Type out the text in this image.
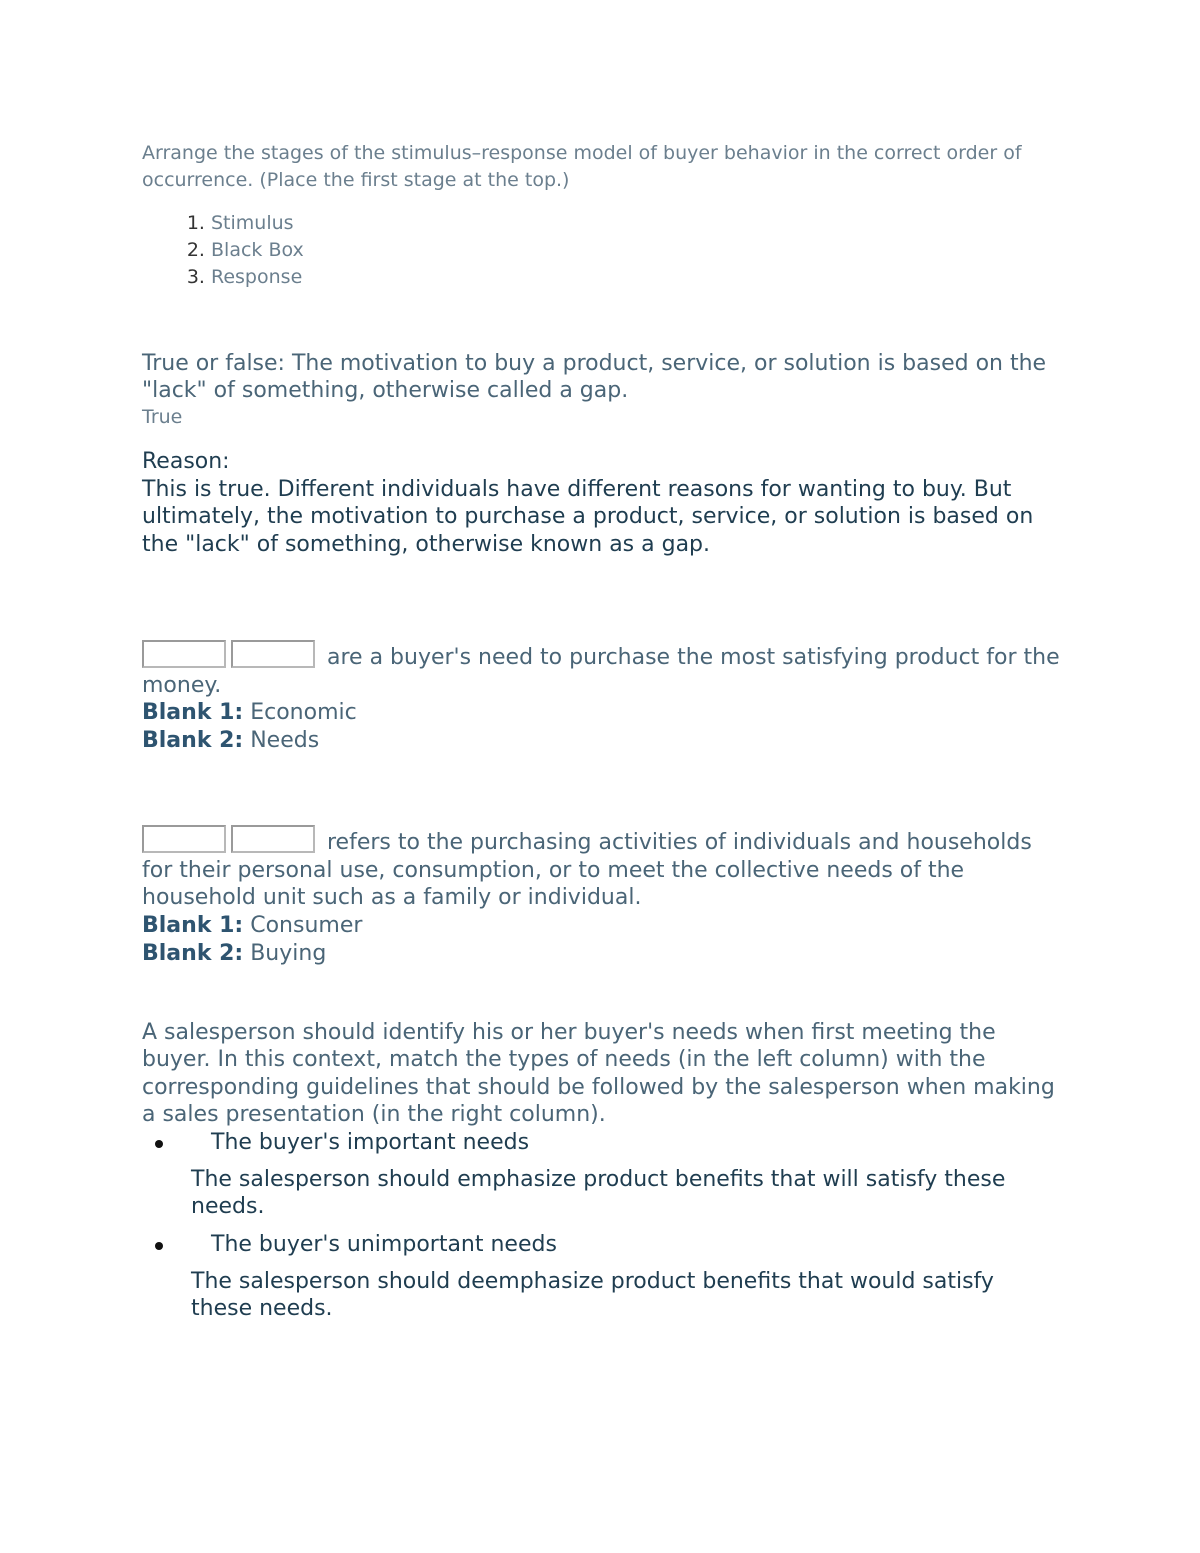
Arrange the stages of the stimulus–response model of buyer behavior in the correct order of occurrence. (Place the first stage at the top.)

1. Stimulus
2. Black Box
3. Response

True or false: The motivation to buy a product, service, or solution is based on the "lack" of something, otherwise called a gap.

True

Reason:
This is true. Different individuals have different reasons for wanting to buy. But ultimately, the motivation to purchase a product, service, or solution is based on the "lack" of something, otherwise known as a gap.

are a buyer's need to purchase the most satisfying product for the money.

Blank 1: Economic

Blank 2: Needs

refers to the purchasing activities of individuals and households for their personal use, consumption, or to meet the collective needs of the household unit such as a family or individual.

Blank 1: Consumer

Blank 2: Buying

A salesperson should identify his or her buyer's needs when first meeting the buyer. In this context, match the types of needs (in the left column) with the corresponding guidelines that should be followed by the salesperson when making a sales presentation (in the right column).

The buyer's important needs

The salesperson should emphasize product benefits that will satisfy these needs.

The buyer's unimportant needs

The salesperson should deemphasize product benefits that would satisfy these needs.
